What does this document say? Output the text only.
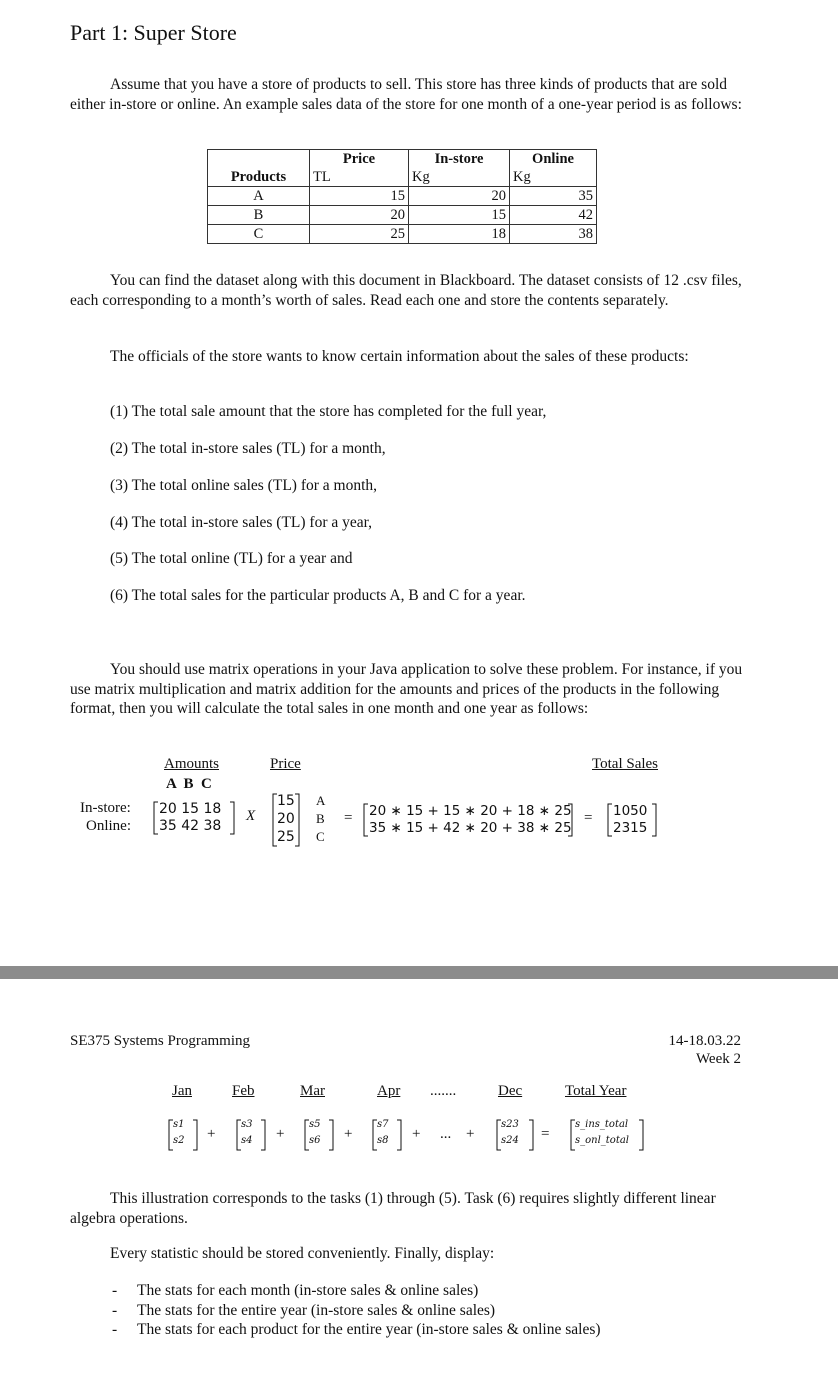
Part 1: Super Store
Assume that you have a store of products to sell. This store has three kinds of products that are sold either in-store or online. An example sales data of the store for one month of a one-year period is as follows:
	Price	In-store	Online
Products	TL	Kg	Kg
A	15	20	35
B	20	15	42
C	25	18	38
You can find the dataset along with this document in Blackboard. The dataset consists of 12 .csv files, each corresponding to a month’s worth of sales. Read each one and store the contents separately.
The officials of the store wants to know certain information about the sales of these products:
(1) The total sale amount that the store has completed for the full year,
(2) The total in-store sales (TL) for a month,
(3) The total online sales (TL) for a month,
(4) The total in-store sales (TL) for a year,
(5) The total online (TL) for a year and
(6) The total sales for the particular products A, B and C for a year.
You should use matrix operations in your Java application to solve these problem. For instance, if you use matrix multiplication and matrix addition for the amounts and prices of the products in the following format, then you will calculate the total sales in one month and one year as follows:
Amounts
A  B  C
Price	Total Sales
In-store:
Online:
20 15 18
35 42 38
X
15
20
25
A
B
C
= 20 ∗ 15 + 15 ∗ 20 + 18 ∗ 25
35 ∗ 15 + 42 ∗ 20 + 38 ∗ 25
= 1050
2315
SE375 Systems Programming	14-18.03.22
Week 2
Jan	Feb	Mar	Apr .......	Dec	Total Year
s1
s2 +
s3
s4 +
s5
s6 +
s7
s8 + ... +
s23
s24 =
s_ins_total
s_onl_total
This illustration corresponds to the tasks (1) through (5). Task (6) requires slightly different linear algebra operations.
Every statistic should be stored conveniently. Finally, display:
- The stats for each month (in-store sales & online sales)
- The stats for the entire year (in-store sales & online sales)
- The stats for each product for the entire year (in-store sales & online sales)
